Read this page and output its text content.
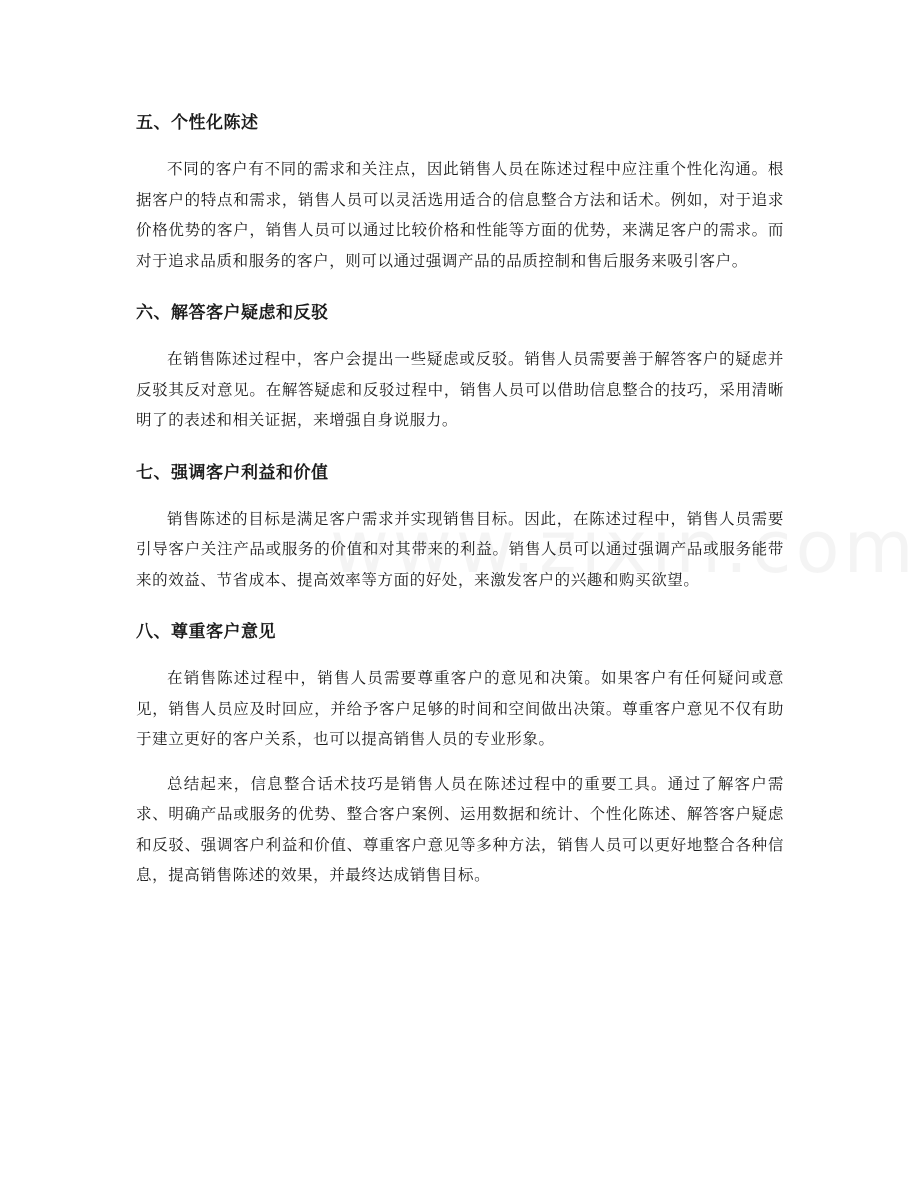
五、个性化陈述

不同的客户有不同的需求和关注点，因此销售人员在陈述过程中应注重个性化沟通。根据客户的特点和需求，销售人员可以灵活选用适合的信息整合方法和话术。例如，对于追求价格优势的客户，销售人员可以通过比较价格和性能等方面的优势，来满足客户的需求。而对于追求品质和服务的客户，则可以通过强调产品的品质控制和售后服务来吸引客户。

六、解答客户疑虑和反驳

在销售陈述过程中，客户会提出一些疑虑或反驳。销售人员需要善于解答客户的疑虑并反驳其反对意见。在解答疑虑和反驳过程中，销售人员可以借助信息整合的技巧，采用清晰明了的表述和相关证据，来增强自身说服力。

七、强调客户利益和价值

销售陈述的目标是满足客户需求并实现销售目标。因此，在陈述过程中，销售人员需要引导客户关注产品或服务的价值和对其带来的利益。销售人员可以通过强调产品或服务能带来的效益、节省成本、提高效率等方面的好处，来激发客户的兴趣和购买欲望。

八、尊重客户意见

在销售陈述过程中，销售人员需要尊重客户的意见和决策。如果客户有任何疑问或意见，销售人员应及时回应，并给予客户足够的时间和空间做出决策。尊重客户意见不仅有助于建立更好的客户关系，也可以提高销售人员的专业形象。

总结起来，信息整合话术技巧是销售人员在陈述过程中的重要工具。通过了解客户需求、明确产品或服务的优势、整合客户案例、运用数据和统计、个性化陈述、解答客户疑虑和反驳、强调客户利益和价值、尊重客户意见等多种方法，销售人员可以更好地整合各种信息，提高销售陈述的效果，并最终达成销售目标。
